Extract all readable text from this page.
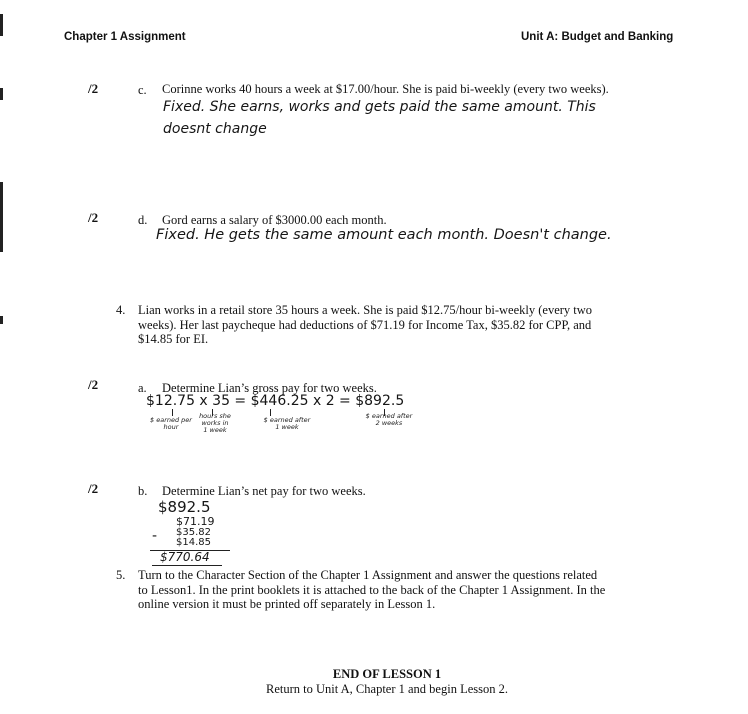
Chapter 1 Assignment	Unit A: Budget and Banking
/2	c. Corinne works 40 hours a week at $17.00/hour. She is paid bi-weekly (every two weeks).
Fixed. She earns, works and gets paid the same amount. This
doesnt change
/2	d. Gord earns a salary of $3000.00 each month.
Fixed. He gets the same amount each month. Doesn't change.
4. Lian works in a retail store 35 hours a week. She is paid $12.75/hour bi-weekly (every two
weeks). Her last paycheque had deductions of $71.19 for Income Tax, $35.82 for CPP, and
$14.85 for EI.
/2	a. Determine Lian’s gross pay for two weeks.
$12.75 x 35 = $446.25 x 2 = $892.5
$ earned per
hour
hours she
works in
1 week
$ earned after
1 week
$ earned after
2 weeks
/2	b. Determine Lian’s net pay for two weeks.
$892.5
$71.19
$35.82
- $14.85
$770.64
5. Turn to the Character Section of the Chapter 1 Assignment and answer the questions related
to Lesson1. In the print booklets it is attached to the back of the Chapter 1 Assignment. In the
online version it must be printed off separately in Lesson 1.
END OF LESSON 1
Return to Unit A, Chapter 1 and begin Lesson 2.
